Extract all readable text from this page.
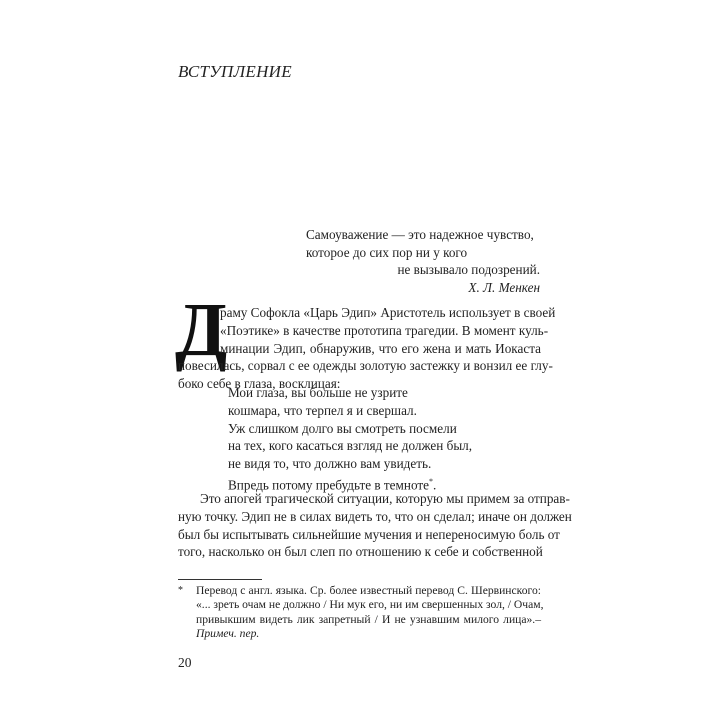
ВСТУПЛЕНИЕ
Самоуважение — это надежное чувство,
которое до сих пор ни у кого
не вызывало подозрений.
Х. Л. Менкен
Д
раму Софокла «Царь Эдип» Аристотель использует в своей
«Поэтике» в качестве прототипа трагедии. В момент куль-
минации Эдип, обнаружив, что его жена и мать Иокаста
повесилась, сорвал с ее одежды золотую застежку и вонзил ее глу-
боко себе в глаза, восклицая:
Мои глаза, вы больше не узрите
кошмара, что терпел я и свершал.
Уж слишком долго вы смотреть посмели
на тех, кого касаться взгляд не должен был,
не видя то, что должно вам увидеть.
Впредь потому пребудьте в темноте*.
Это апогей трагической ситуации, которую мы примем за отправ-
ную точку. Эдип не в силах видеть то, что он сделал; иначе он должен
был бы испытывать сильнейшие мучения и непереносимую боль от
того, насколько он был слеп по отношению к себе и собственной
* Перевод с англ. языка. Ср. более известный перевод С. Шервинского:
«... зреть очам не должно / Ни мук его, ни им свершенных зол, / Очам,
привыкшим видеть лик запретный / И не узнавшим милого лица».–
Примеч. пер.
20
